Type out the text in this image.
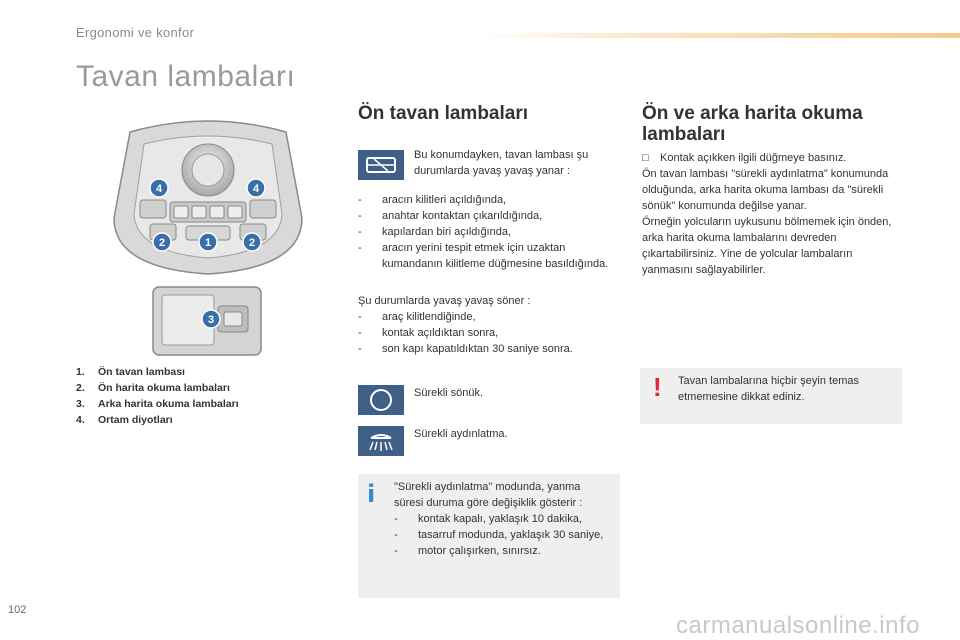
Ergonomi ve konfor
Tavan lambaları
4	4
2	1	2
3
1. Ön tavan lambası
2. Ön harita okuma lambaları
3. Arka harita okuma lambaları
4. Ortam diyotları
Ön tavan lambaları
Bu konumdayken, tavan lambası şu durumlarda yavaş yavaş yanar :
- aracın kilitleri açıldığında,
- anahtar kontaktan çıkarıldığında,
- kapılardan biri açıldığında,
- aracın yerini tespit etmek için uzaktan kumandanın kilitleme düğmesine basıldığında.
Şu durumlarda yavaş yavaş söner :
- araç kilitlendiğinde,
- kontak açıldıktan sonra,
- son kapı kapatıldıktan 30 saniye sonra.
Sürekli sönük.
Sürekli aydınlatma.
i "Sürekli aydınlatma" modunda, yanma süresi duruma göre değişiklik gösterir :
- kontak kapalı, yaklaşık 10 dakika,
- tasarruf modunda, yaklaşık 30 saniye,
- motor çalışırken, sınırsız.
Ön ve arka harita okuma lambaları
□ Kontak açıkken ilgili düğmeye basınız.
Ön tavan lambası "sürekli aydınlatma" konumunda olduğunda, arka harita okuma lambası da "sürekli sönük" konumunda değilse yanar.
Örneğin yolcuların uykusunu bölmemek için önden, arka harita okuma lambalarını devreden çıkartabilirsiniz. Yine de yolcular lambaların yanmasını sağlayabilirler.
! Tavan lambalarına hiçbir şeyin temas etmemesine dikkat ediniz.
102
carmanualsonline.info
